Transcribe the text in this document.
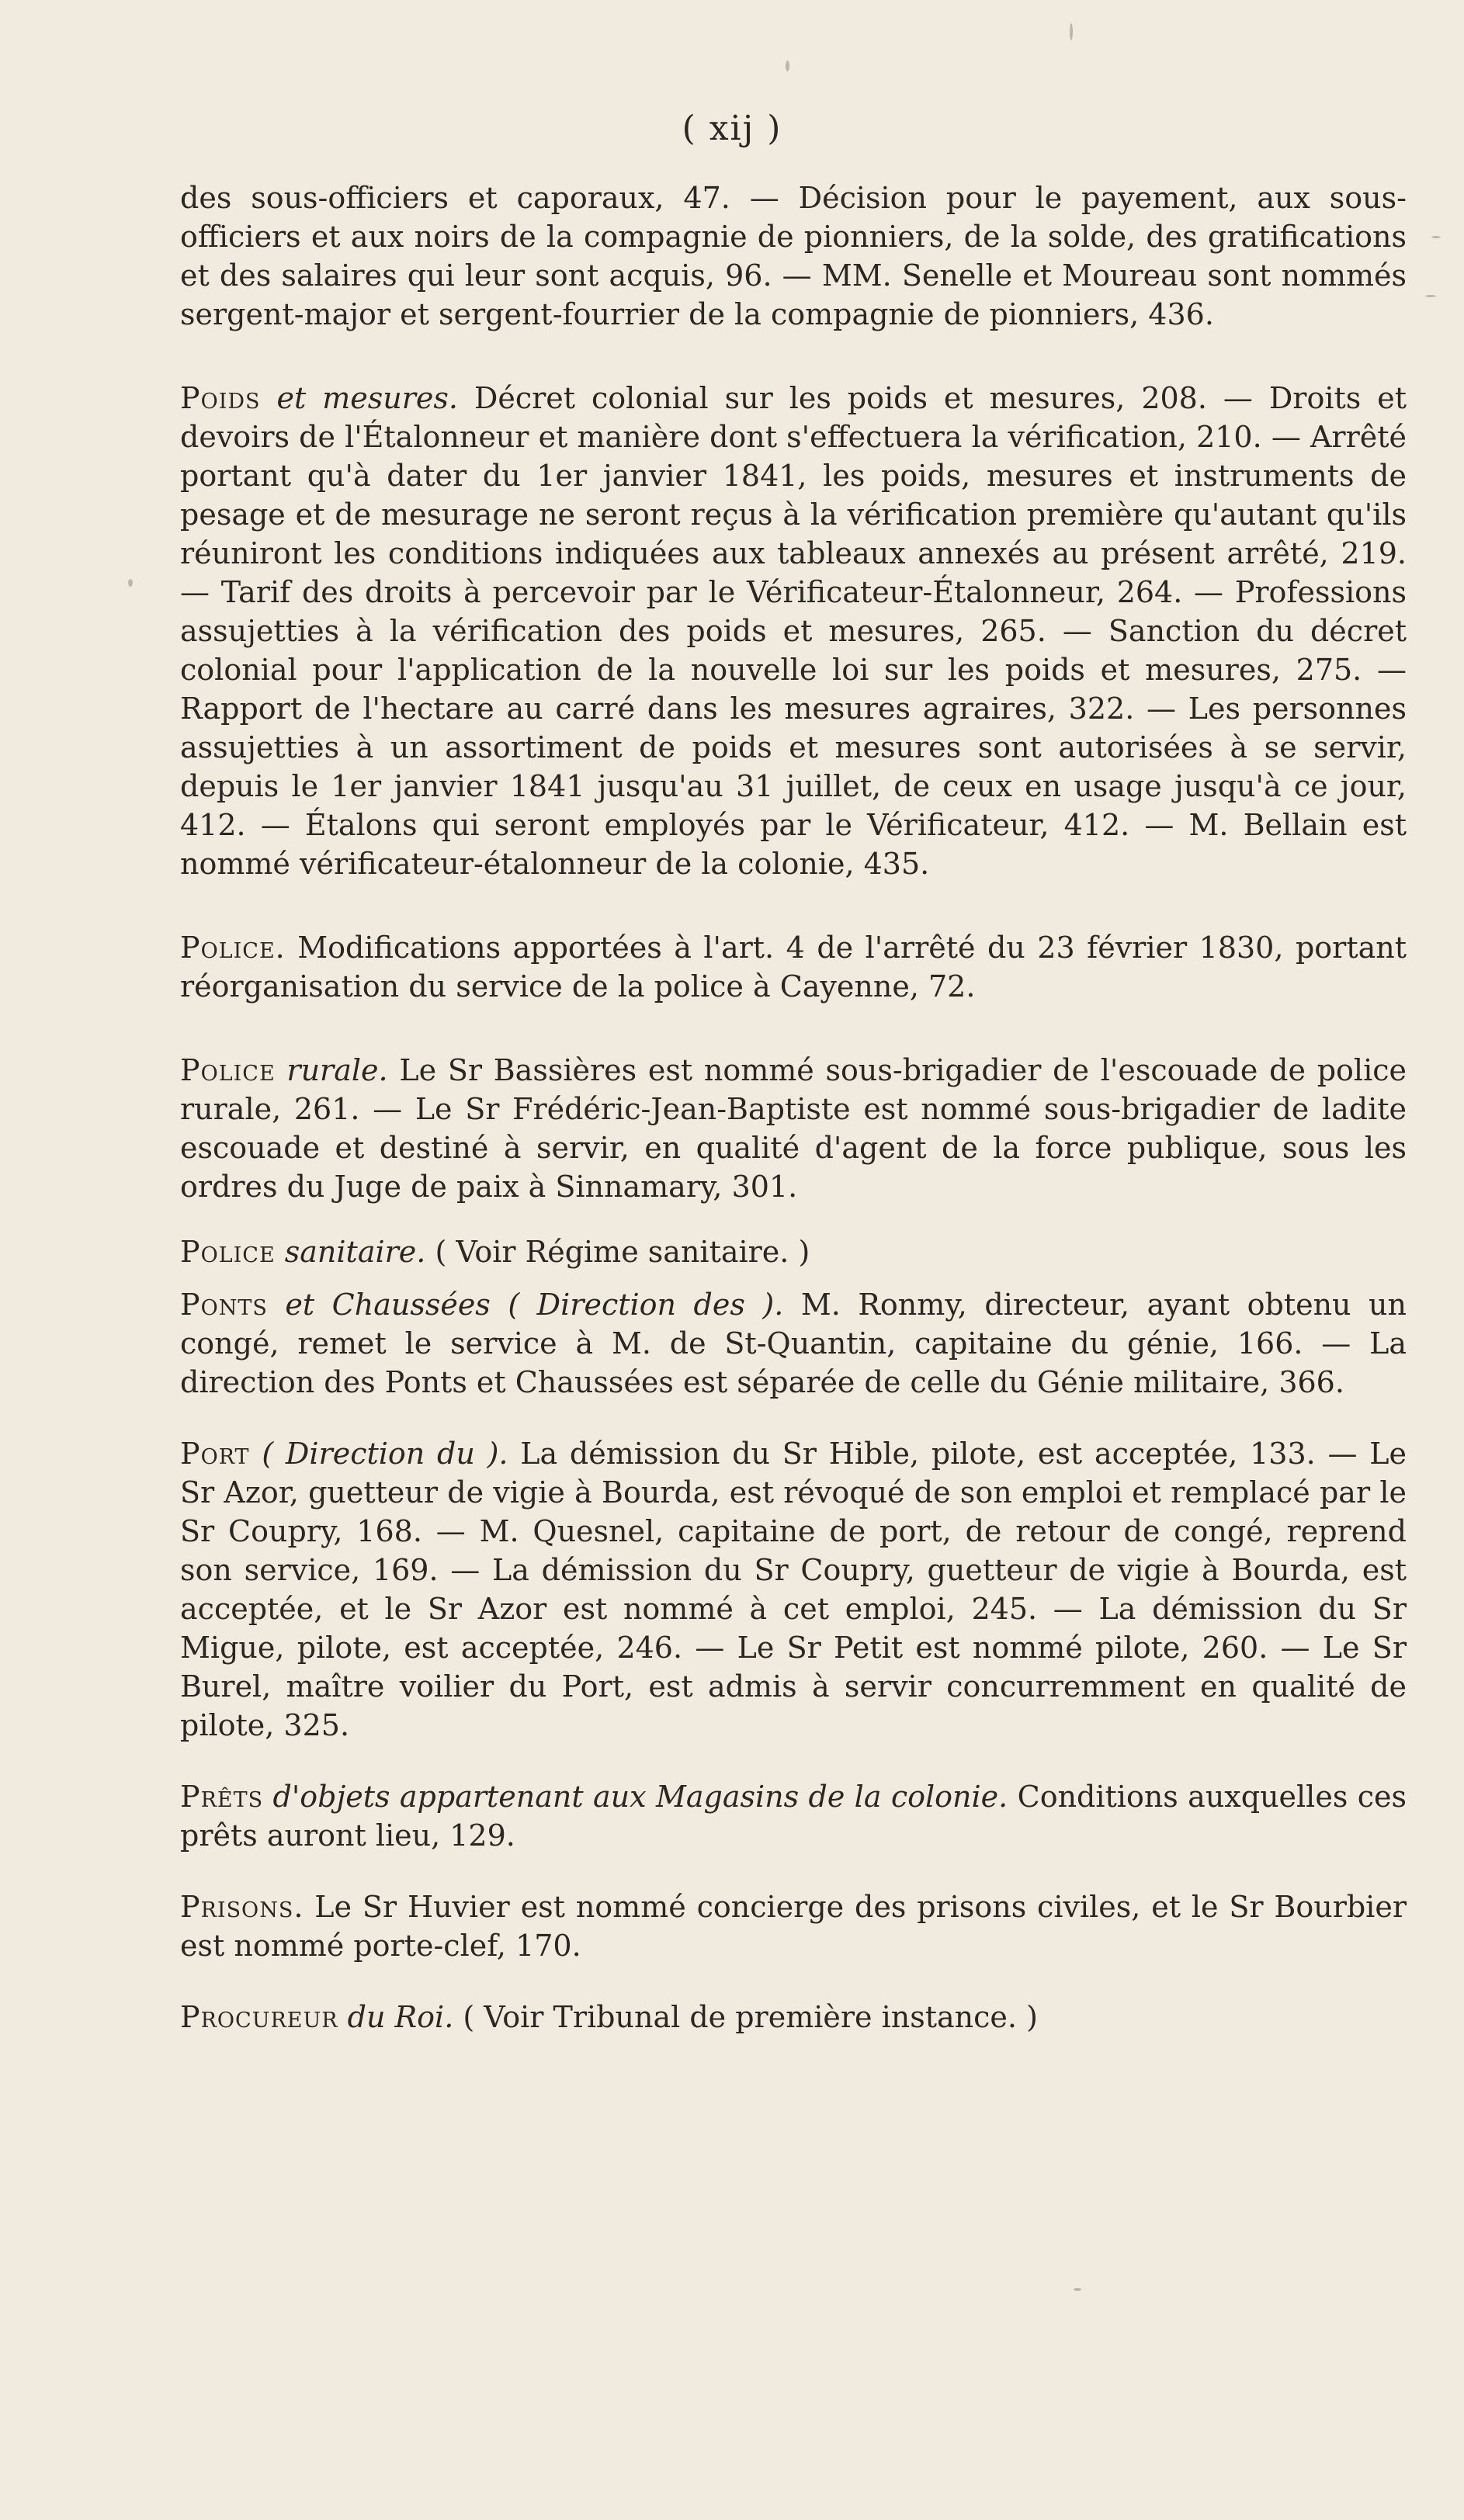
( xij )

des sous-officiers et caporaux, 47. — Décision pour le payement, aux sous-officiers et aux noirs de la compagnie de pionniers, de la solde, des gratifications et des salaires qui leur sont acquis, 96. — MM. Senelle et Moureau sont nommés sergent-major et sergent-fourrier de la compagnie de pionniers, 436.

Poids et mesures. Décret colonial sur les poids et mesures, 208. — Droits et devoirs de l'Étalonneur et manière dont s'effectuera la vérification, 210. — Arrêté portant qu'à dater du 1er janvier 1841, les poids, mesures et instruments de pesage et de mesurage ne seront reçus à la vérification première qu'autant qu'ils réuniront les conditions indiquées aux tableaux annexés au présent arrêté, 219. — Tarif des droits à percevoir par le Vérificateur-Étalonneur, 264. — Professions assujetties à la vérification des poids et mesures, 265. — Sanction du décret colonial pour l'application de la nouvelle loi sur les poids et mesures, 275. — Rapport de l'hectare au carré dans les mesures agraires, 322. — Les personnes assujetties à un assortiment de poids et mesures sont autorisées à se servir, depuis le 1er janvier 1841 jusqu'au 31 juillet, de ceux en usage jusqu'à ce jour, 412. — Étalons qui seront employés par le Vérificateur, 412. — M. Bellain est nommé vérificateur-étalonneur de la colonie, 435.

Police. Modifications apportées à l'art. 4 de l'arrêté du 23 février 1830, portant réorganisation du service de la police à Cayenne, 72.

Police rurale. Le Sr Bassières est nommé sous-brigadier de l'escouade de police rurale, 261. — Le Sr Frédéric-Jean-Baptiste est nommé sous-brigadier de ladite escouade et destiné à servir, en qualité d'agent de la force publique, sous les ordres du Juge de paix à Sinnamary, 301.

Police sanitaire. ( Voir Régime sanitaire. )

Ponts et Chaussées ( Direction des ). M. Ronmy, directeur, ayant obtenu un congé, remet le service à M. de St-Quantin, capitaine du génie, 166. — La direction des Ponts et Chaussées est séparée de celle du Génie militaire, 366.

Port ( Direction du ). La démission du Sr Hible, pilote, est acceptée, 133. — Le Sr Azor, guetteur de vigie à Bourda, est révoqué de son emploi et remplacé par le Sr Coupry, 168. — M. Quesnel, capitaine de port, de retour de congé, reprend son service, 169. — La démission du Sr Coupry, guetteur de vigie à Bourda, est acceptée, et le Sr Azor est nommé à cet emploi, 245. — La démission du Sr Migue, pilote, est acceptée, 246. — Le Sr Petit est nommé pilote, 260. — Le Sr Burel, maître voilier du Port, est admis à servir concurremment en qualité de pilote, 325.

Prêts d'objets appartenant aux Magasins de la colonie. Conditions auxquelles ces prêts auront lieu, 129.

Prisons. Le Sr Huvier est nommé concierge des prisons civiles, et le Sr Bourbier est nommé porte-clef, 170.

Procureur du Roi. ( Voir Tribunal de première instance. )
